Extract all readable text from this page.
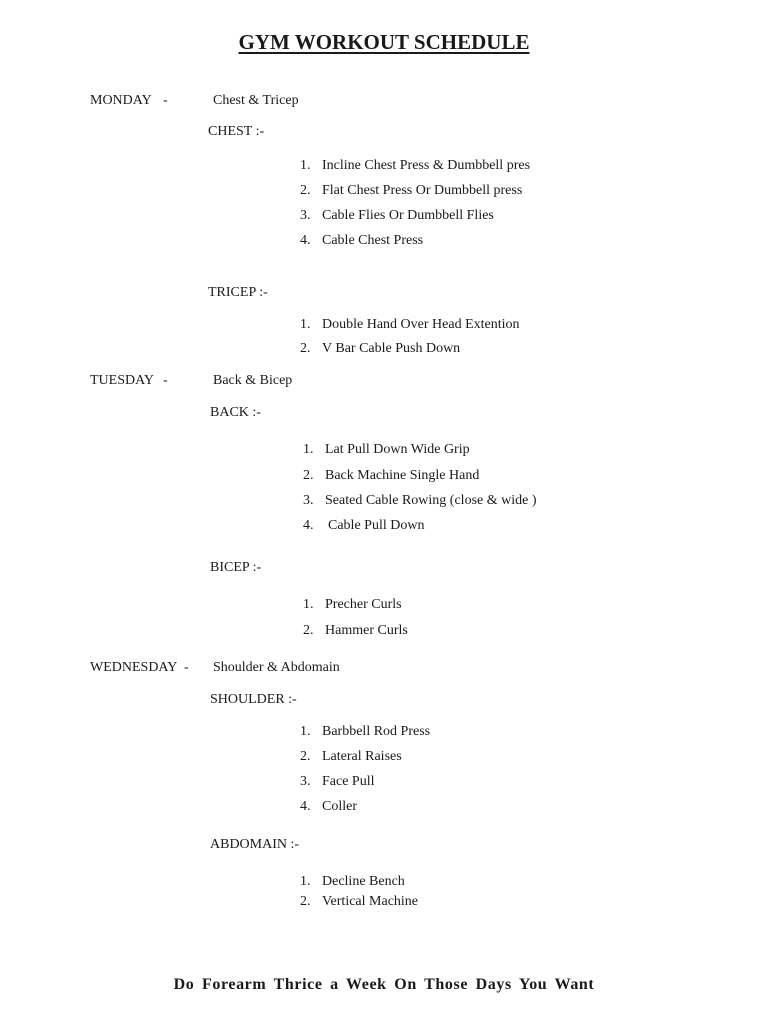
GYM WORKOUT SCHEDULE
MONDAY -	Chest & Tricep
CHEST :-
1. Incline Chest Press & Dumbbell pres
2. Flat Chest Press Or Dumbbell press
3. Cable Flies Or Dumbbell Flies
4. Cable Chest Press
TRICEP :-
1. Double Hand Over Head Extention
2. V Bar Cable Push Down
TUESDAY -	Back & Bicep
BACK :-
1. Lat Pull Down Wide Grip
2. Back Machine Single Hand
3. Seated Cable Rowing (close & wide )
4.	Cable Pull Down
BICEP :-
1. Precher Curls
2. Hammer Curls
WEDNESDAY - Shoulder & Abdomain
SHOULDER :-
1. Barbbell Rod Press
2. Lateral Raises
3. Face Pull
4. Coller
ABDOMAIN :-
1. Decline Bench
2. Vertical Machine
Do Forearm Thrice a Week On Those Days You Want
